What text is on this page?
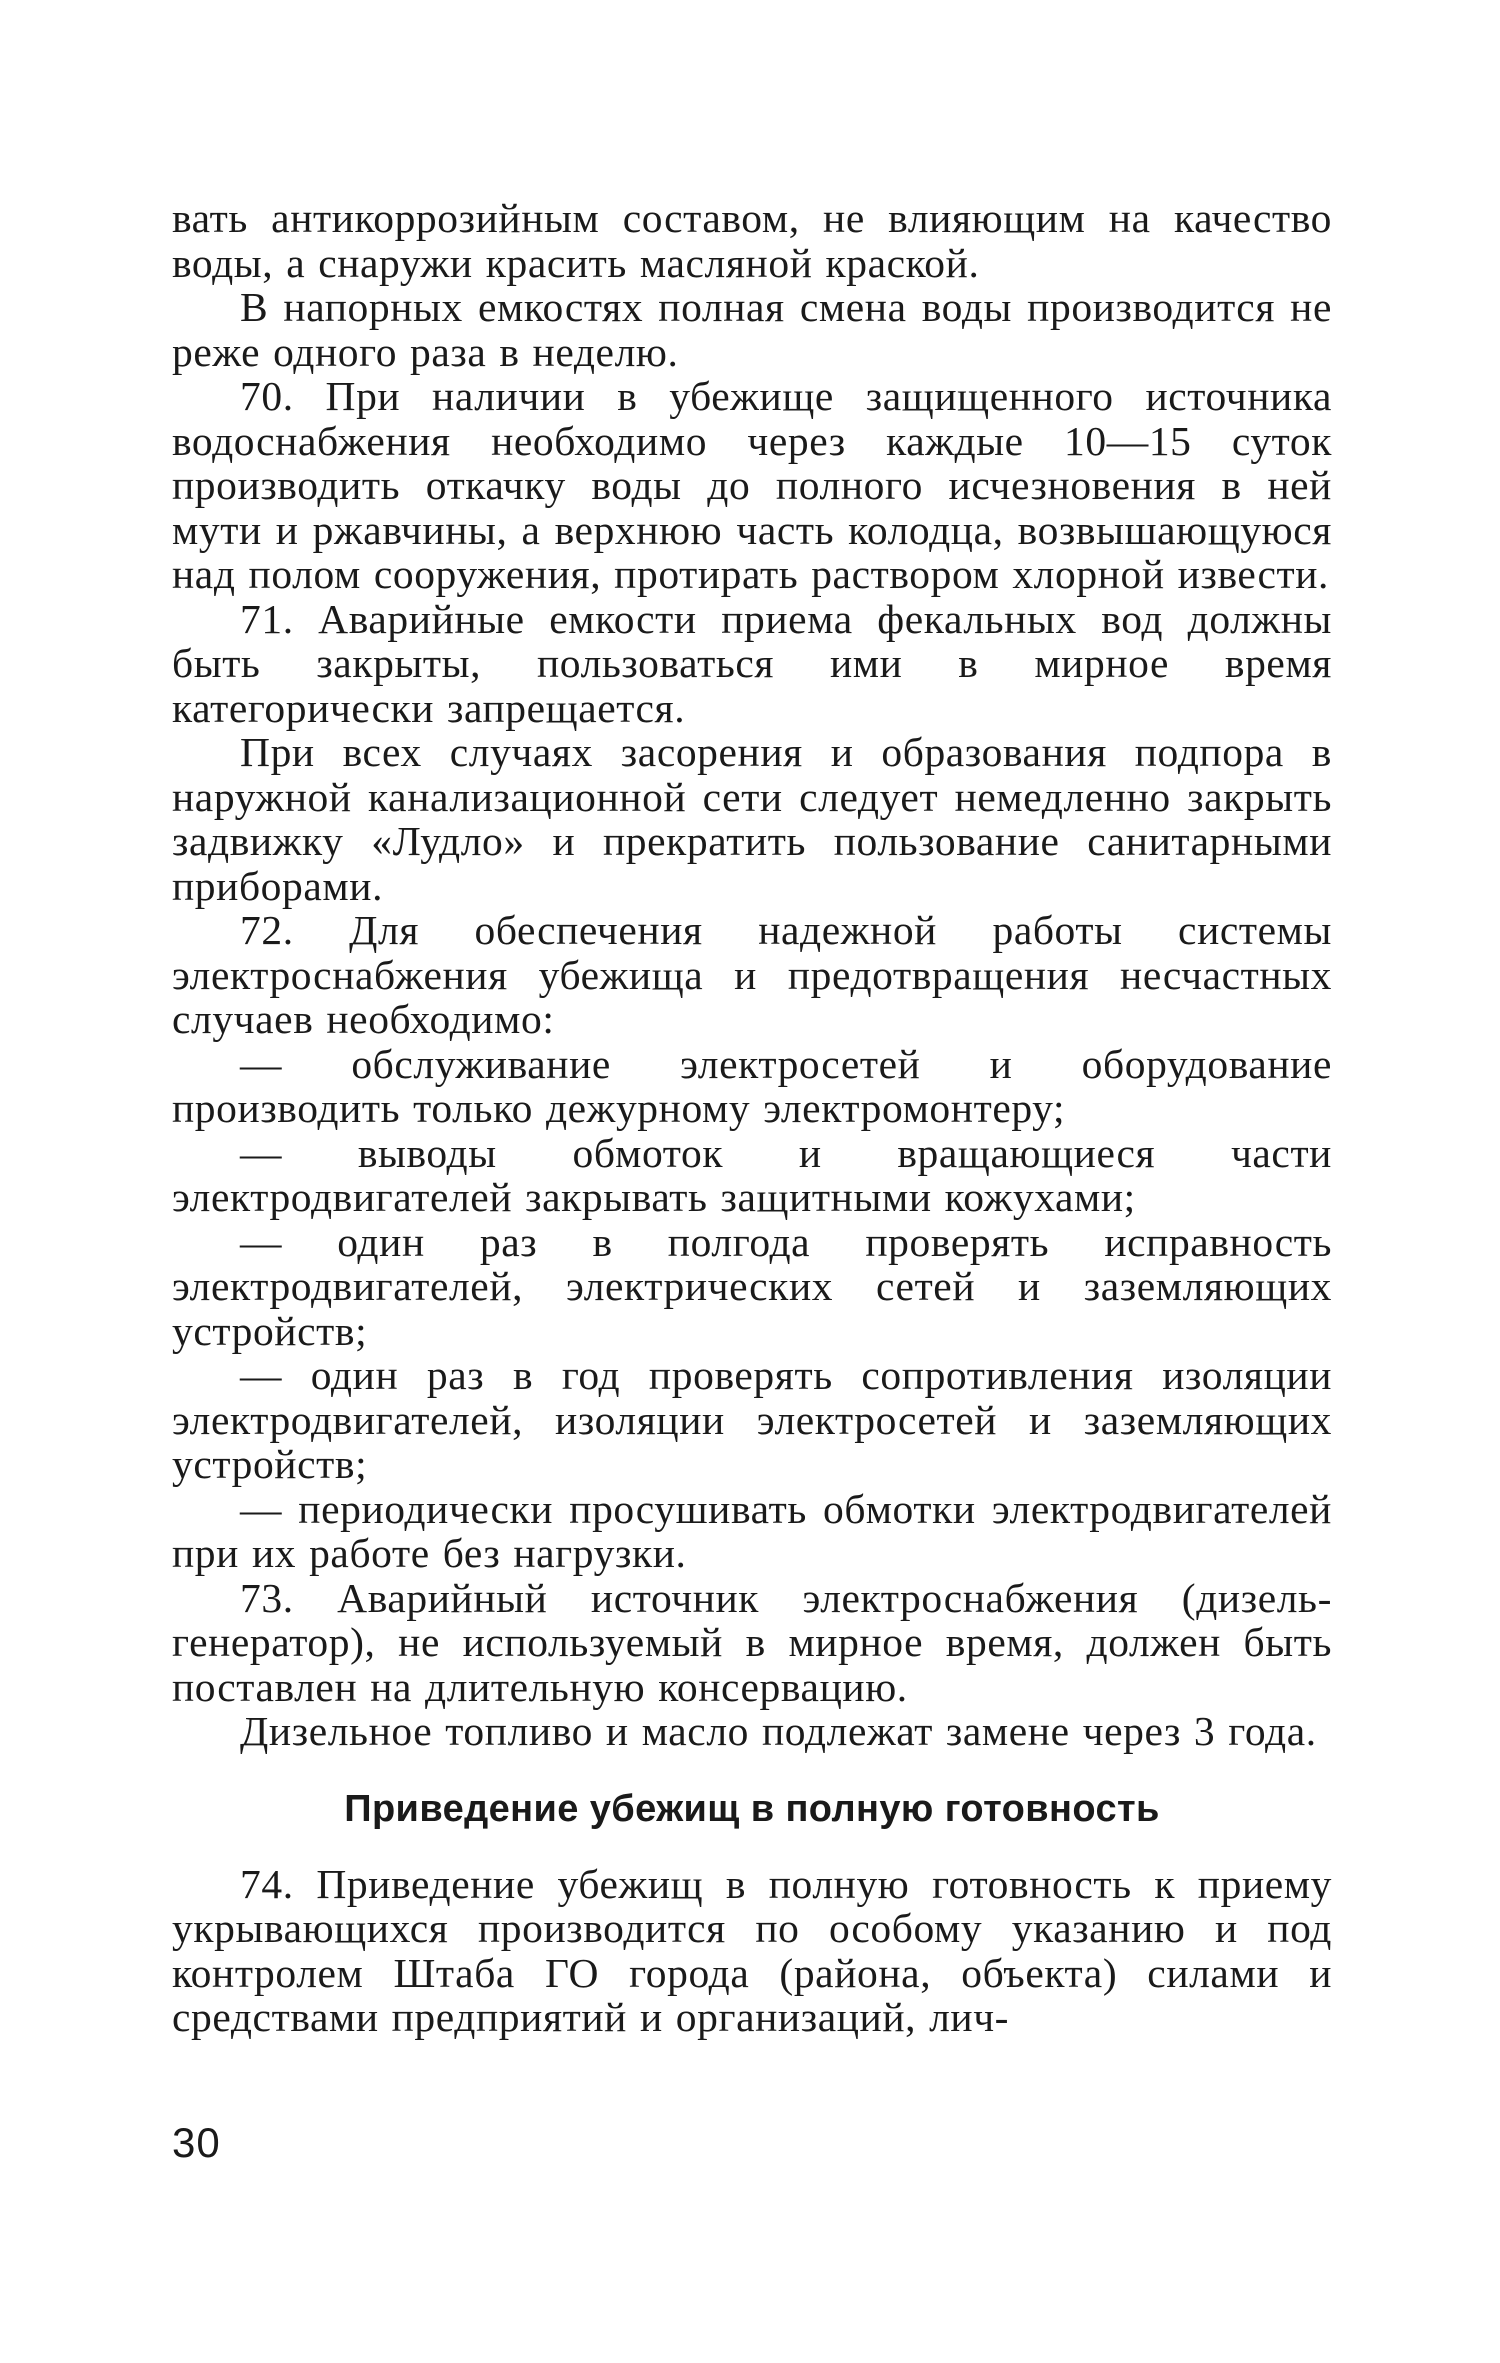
вать антикоррозийным составом, не влияющим на качество воды, а снаружи красить масляной краской.

В напорных емкостях полная смена воды производится не реже одного раза в неделю.

70. При наличии в убежище защищенного источника водоснабжения необходимо через каждые 10—15 суток производить откачку воды до полного исчезновения в ней мути и ржавчины, а верхнюю часть колодца, возвышающуюся над полом сооружения, протирать раствором хлорной извести.

71. Аварийные емкости приема фекальных вод должны быть закрыты, пользоваться ими в мирное время категорически запрещается.

При всех случаях засорения и образования подпора в наружной канализационной сети следует немедленно закрыть задвижку «Лудло» и прекратить пользование санитарными приборами.

72. Для обеспечения надежной работы системы электроснабжения убежища и предотвращения несчастных случаев необходимо:

— обслуживание электросетей и оборудование производить только дежурному электромонтеру;

— выводы обмоток и вращающиеся части электродвигателей закрывать защитными кожухами;

— один раз в полгода проверять исправность электродвигателей, электрических сетей и заземляющих устройств;

— один раз в год проверять сопротивления изоляции электродвигателей, изоляции электросетей и заземляющих устройств;

— периодически просушивать обмотки электродвигателей при их работе без нагрузки.

73. Аварийный источник электроснабжения (дизель-генератор), не используемый в мирное время, должен быть поставлен на длительную консервацию.

Дизельное топливо и масло подлежат замене через 3 года.

Приведение убежищ в полную готовность

74. Приведение убежищ в полную готовность к приему укрывающихся производится по особому указанию и под контролем Штаба ГО города (района, объекта) силами и средствами предприятий и организаций, лич-

30
